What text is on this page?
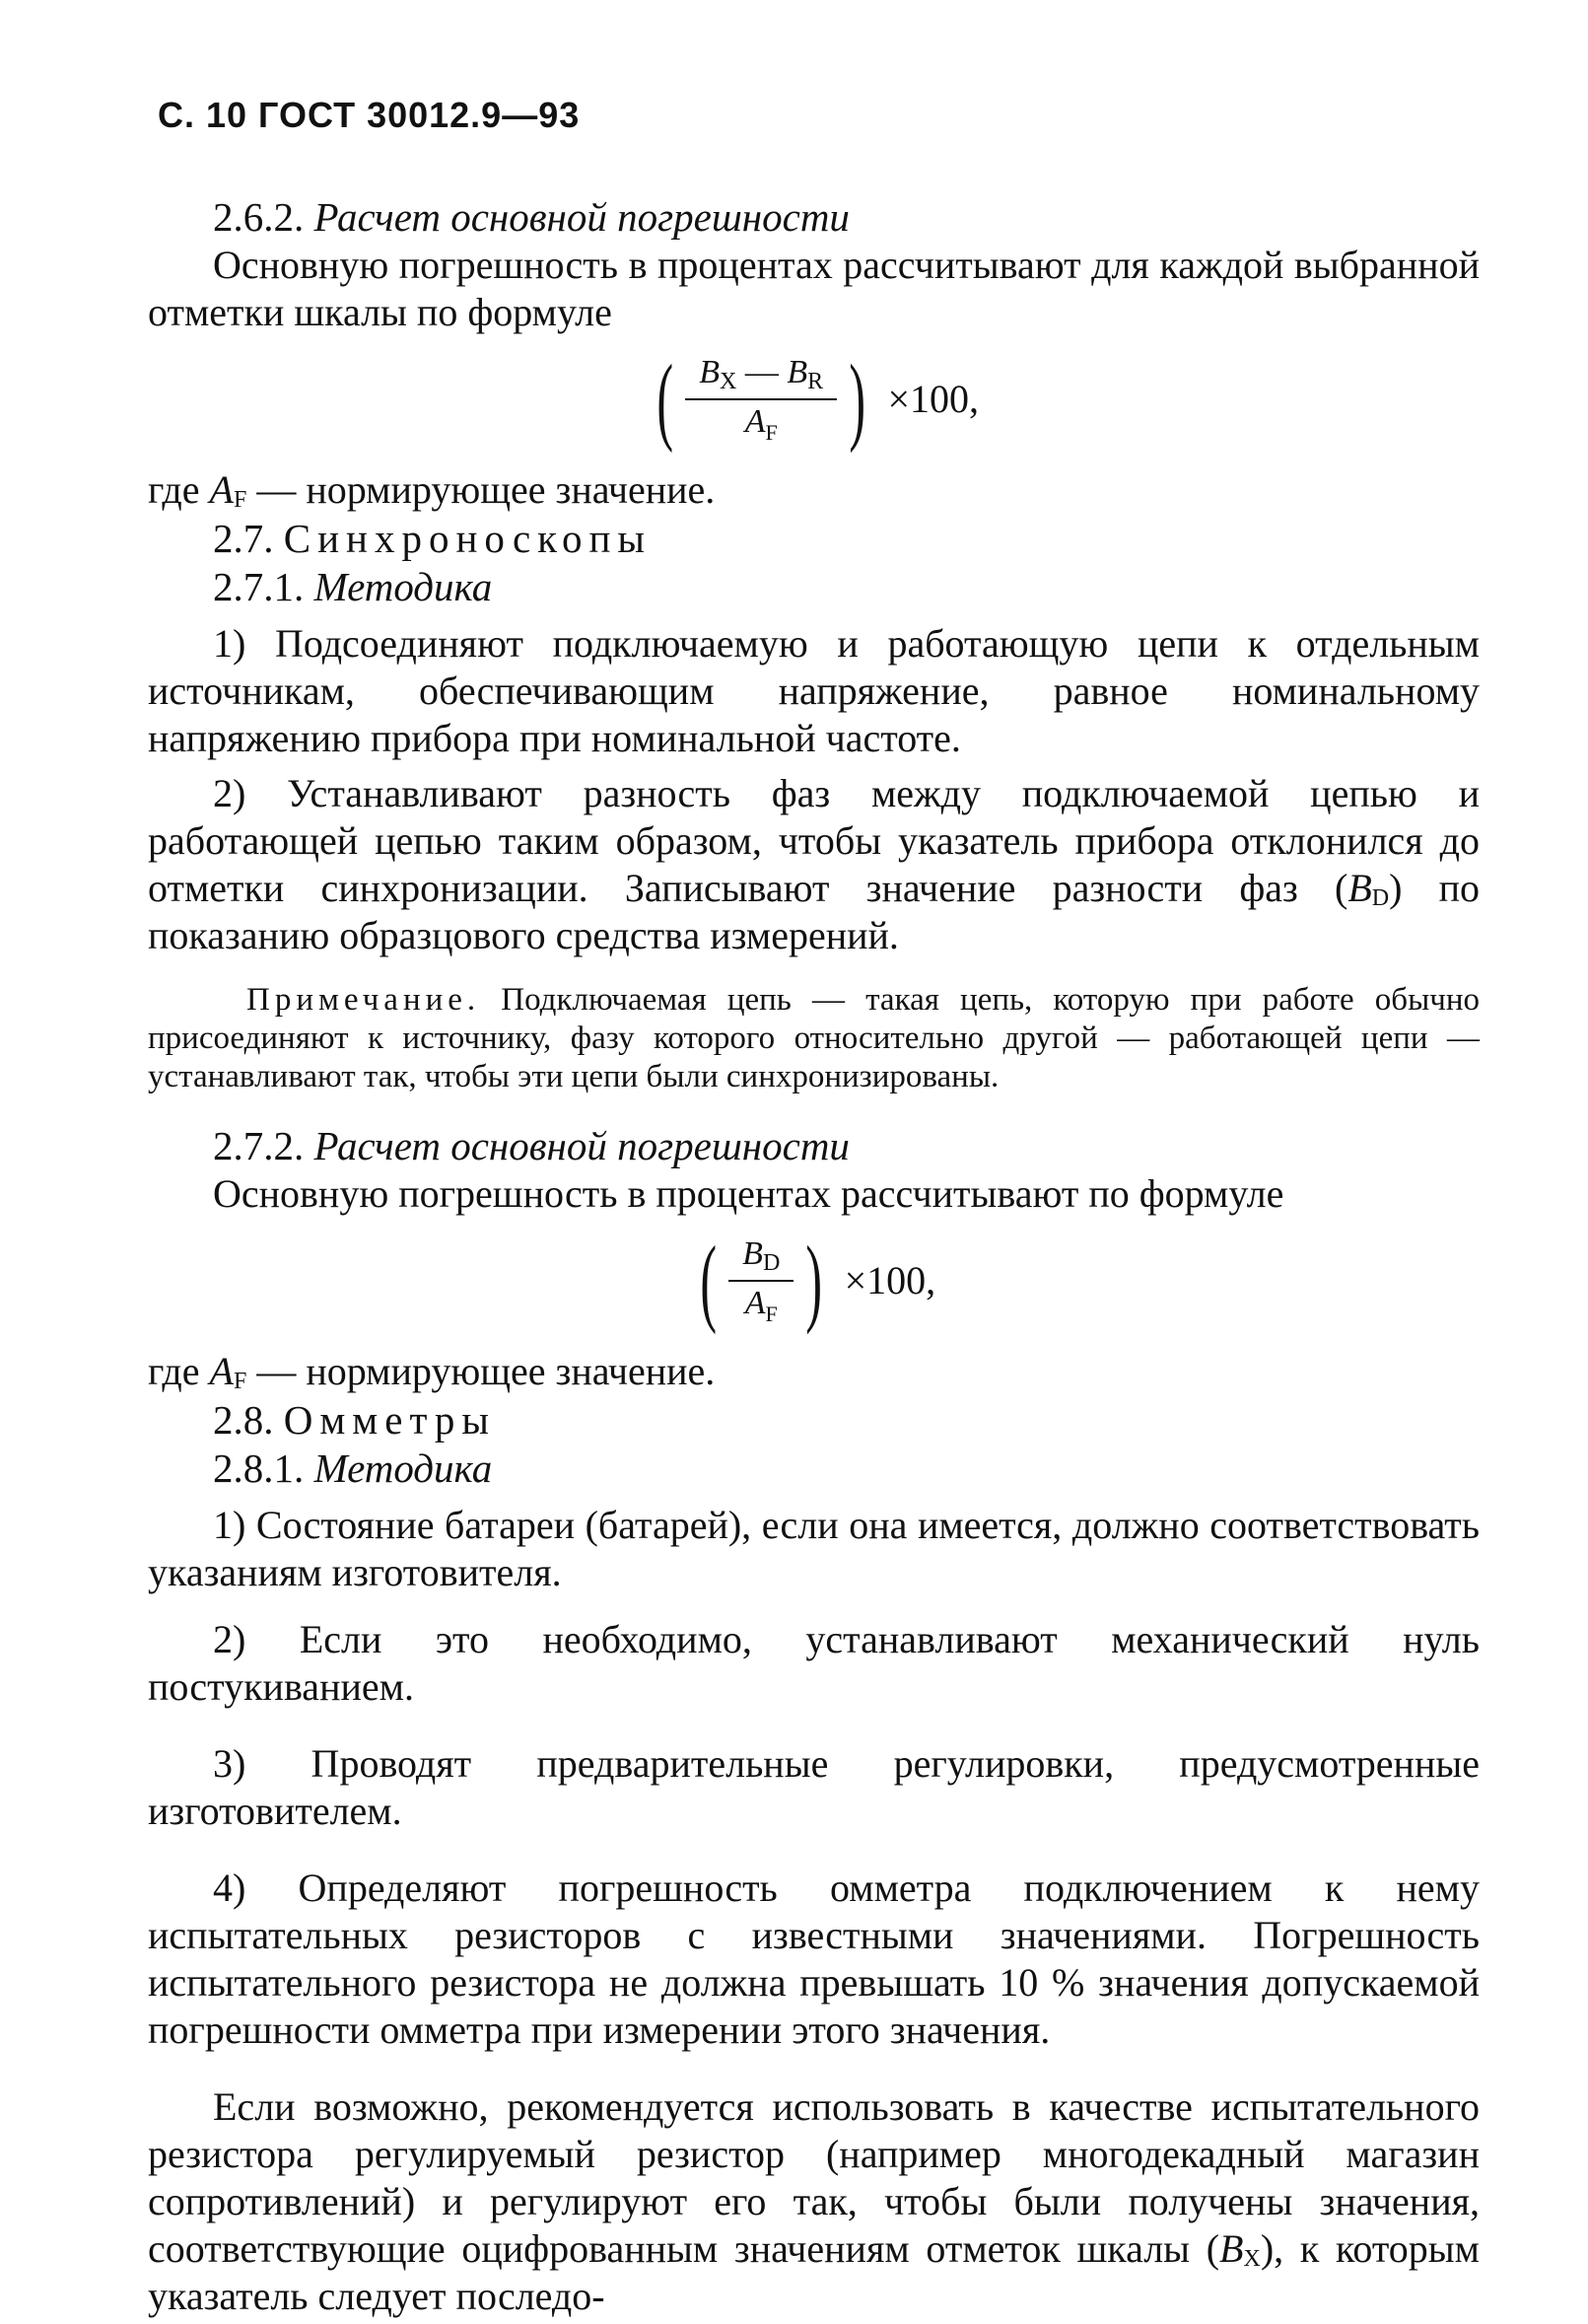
С. 10 ГОСТ 30012.9—93
2.6.2. Расчет основной погрешности

Основную погрешность в процентах рассчитывают для каждой выбранной отметки шкалы по формуле

( $\frac{B_X — B_R}{A_F}$ ) ×100,

где AF — нормирующее значение.

2.7. Синхроноскопы
2.7.1. Методика

1) Подсоединяют подключаемую и работающую цепи к отдельным источникам, обеспечивающим напряжение, равное номинальному напряжению прибора при номинальной частоте.

2) Устанавливают разность фаз между подключаемой цепью и работающей цепью таким образом, чтобы указатель прибора отклонился до отметки синхронизации. Записывают значение разности фаз (BD) по показанию образцового средства измерений.

Примечание. Подключаемая цепь — такая цепь, которую при работе обычно присоединяют к источнику, фазу которого относительно другой — работающей цепи — устанавливают так, чтобы эти цепи были синхронизированы.

2.7.2. Расчет основной погрешности

Основную погрешность в процентах рассчитывают по формуле

( $\frac{B_D}{A_F}$ ) ×100,

где AF — нормирующее значение.

2.8. Омметры
2.8.1. Методика

1) Состояние батареи (батарей), если она имеется, должно соответствовать указаниям изготовителя.

2) Если это необходимо, устанавливают механический нуль постукиванием.

3) Проводят предварительные регулировки, предусмотренные изготовителем.

4) Определяют погрешность омметра подключением к нему испытательных резисторов с известными значениями. Погрешность испытательного резистора не должна превышать 10 % значения допускаемой погрешности омметра при измерении этого значения.

Если возможно, рекомендуется использовать в качестве испытательного резистора регулируемый резистор (например многодекадный магазин сопротивлений) и регулируют его так, чтобы были получены значения, соответствующие оцифрованным значениям отметок шкалы (BX), к которым указатель следует последо-
